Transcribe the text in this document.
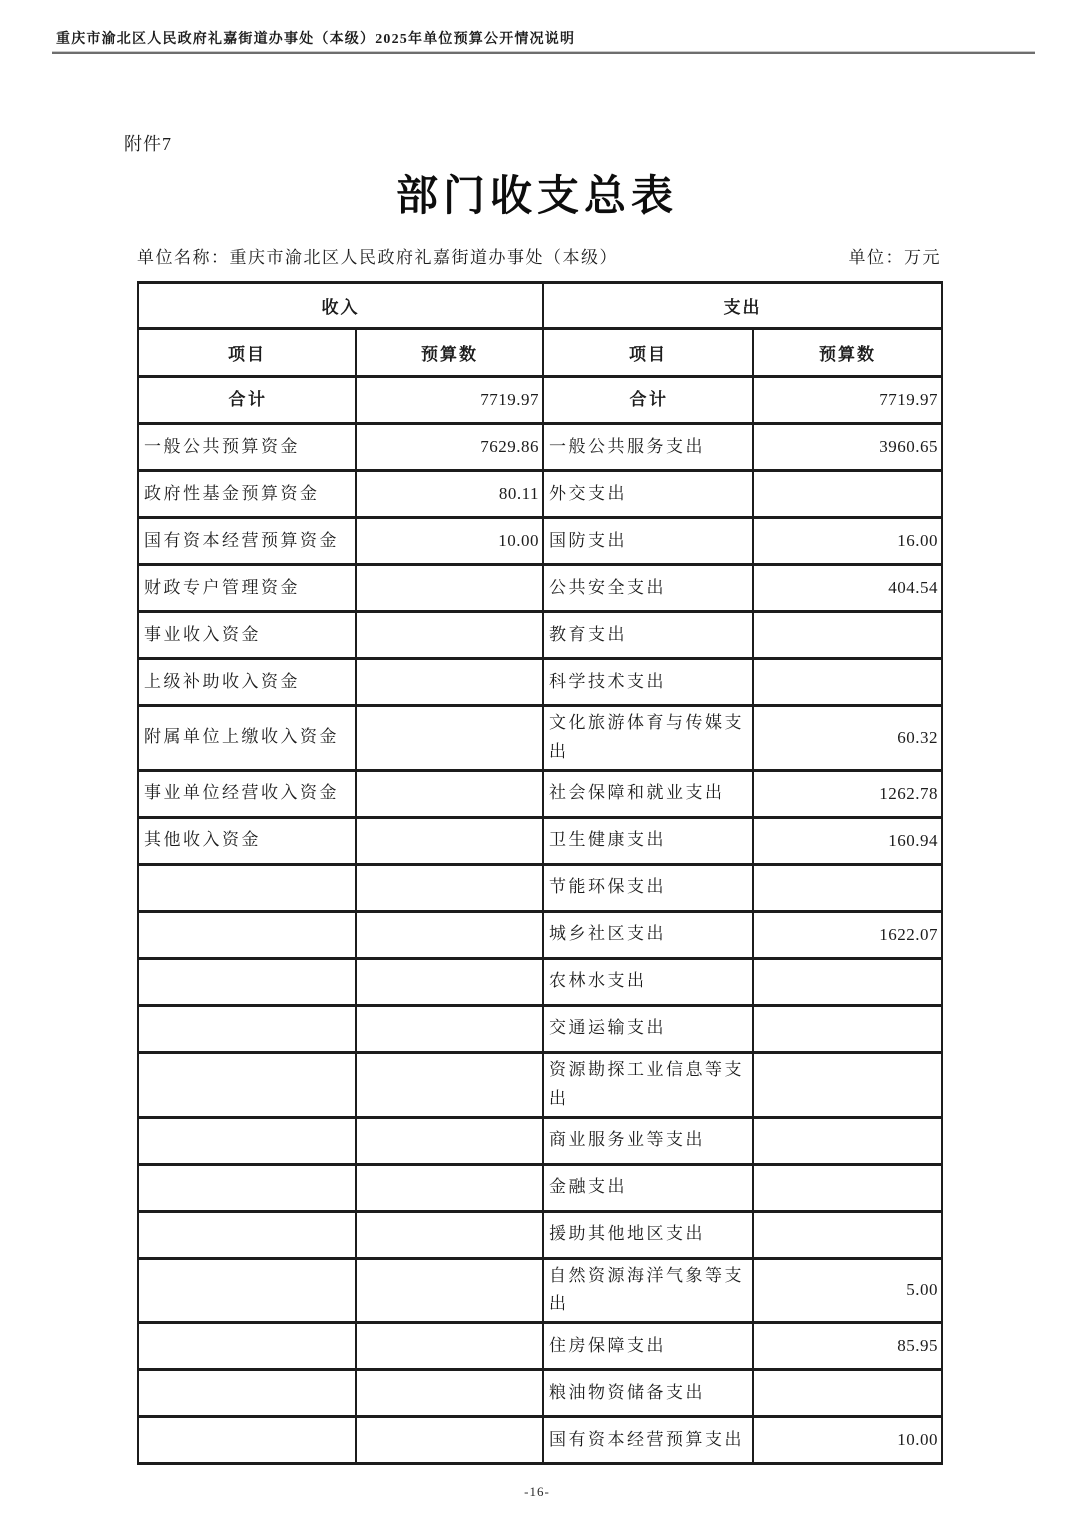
重庆市渝北区人民政府礼嘉街道办事处（本级）2025年单位预算公开情况说明
附件7
部门收支总表
单位名称：重庆市渝北区人民政府礼嘉街道办事处（本级）	单位：万元
收入		支出	
项目	预算数	项目	预算数
合计	7719.97	合计	7719.97
一般公共预算资金	7629.86	一般公共服务支出	3960.65
政府性基金预算资金	80.11	外交支出	
国有资本经营预算资金	10.00	国防支出	16.00
财政专户管理资金		公共安全支出	404.54
事业收入资金		教育支出	
上级补助收入资金		科学技术支出	
附属单位上缴收入资金		文化旅游体育与传媒支出	60.32
事业单位经营收入资金		社会保障和就业支出	1262.78
其他收入资金		卫生健康支出	160.94
		节能环保支出	
		城乡社区支出	1622.07
		农林水支出	
		交通运输支出	
		资源勘探工业信息等支出	
		商业服务业等支出	
		金融支出	
		援助其他地区支出	
		自然资源海洋气象等支出	5.00
		住房保障支出	85.95
		粮油物资储备支出	
		国有资本经营预算支出	10.00
-16-
